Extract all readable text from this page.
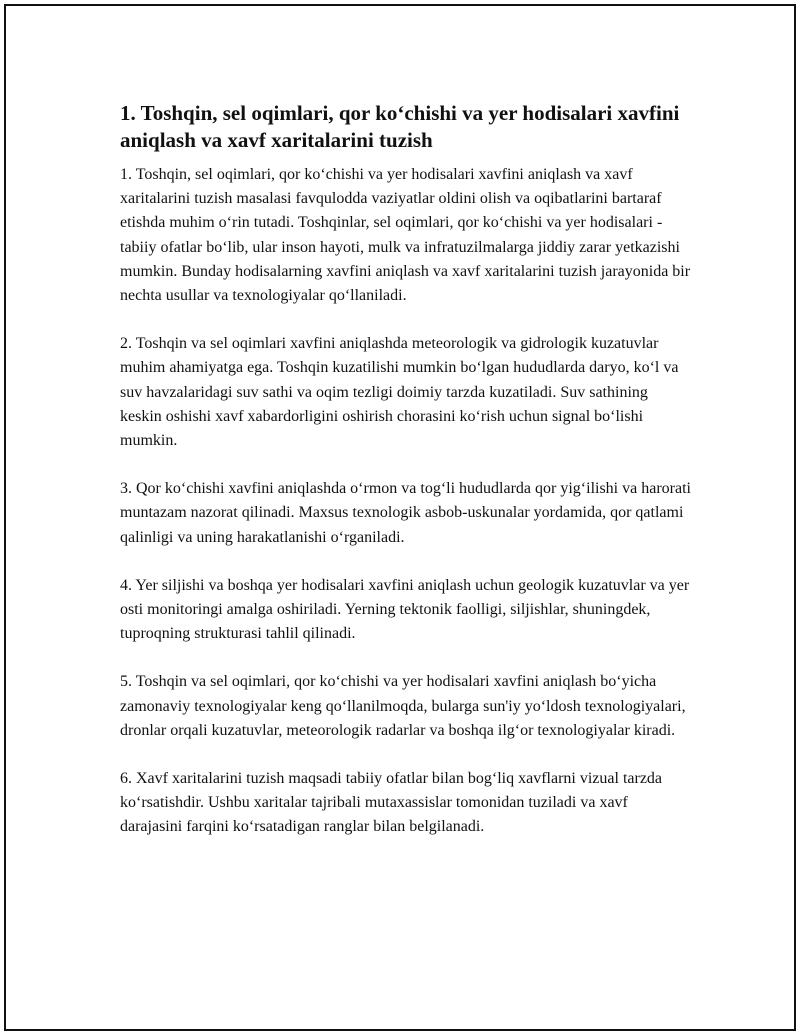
1. Toshqin, sel oqimlari, qor ko‘chishi va yer hodisalari xavfini aniqlash va xavf xaritalarini tuzish

1. Toshqin, sel oqimlari, qor ko‘chishi va yer hodisalari xavfini aniqlash va xavf xaritalarini tuzish masalasi favqulodda vaziyatlar oldini olish va oqibatlarini bartaraf etishda muhim o‘rin tutadi. Toshqinlar, sel oqimlari, qor ko‘chishi va yer hodisalari - tabiiy ofatlar bo‘lib, ular inson hayoti, mulk va infratuzilmalarga jiddiy zarar yetkazishi mumkin. Bunday hodisalarning xavfini aniqlash va xavf xaritalarini tuzish jarayonida bir nechta usullar va texnologiyalar qo‘llaniladi.

2. Toshqin va sel oqimlari xavfini aniqlashda meteorologik va gidrologik kuzatuvlar muhim ahamiyatga ega. Toshqin kuzatilishi mumkin bo‘lgan hududlarda daryo, ko‘l va suv havzalaridagi suv sathi va oqim tezligi doimiy tarzda kuzatiladi. Suv sathining keskin oshishi xavf xabardorligini oshirish chorasini ko‘rish uchun signal bo‘lishi mumkin.

3. Qor ko‘chishi xavfini aniqlashda o‘rmon va tog‘li hududlarda qor yig‘ilishi va harorati muntazam nazorat qilinadi. Maxsus texnologik asbob-uskunalar yordamida, qor qatlami qalinligi va uning harakatlanishi o‘rganiladi.

4. Yer siljishi va boshqa yer hodisalari xavfini aniqlash uchun geologik kuzatuvlar va yer osti monitoringi amalga oshiriladi. Yerning tektonik faolligi, siljishlar, shuningdek, tuproqning strukturasi tahlil qilinadi.

5. Toshqin va sel oqimlari, qor ko‘chishi va yer hodisalari xavfini aniqlash bo‘yicha zamonaviy texnologiyalar keng qo‘llanilmoqda, bularga sun'iy yo‘ldosh texnologiyalari, dronlar orqali kuzatuvlar, meteorologik radarlar va boshqa ilg‘or texnologiyalar kiradi.

6. Xavf xaritalarini tuzish maqsadi tabiiy ofatlar bilan bog‘liq xavflarni vizual tarzda ko‘rsatishdir. Ushbu xaritalar tajribali mutaxassislar tomonidan tuziladi va xavf darajasini farqini ko‘rsatadigan ranglar bilan belgilanadi.
